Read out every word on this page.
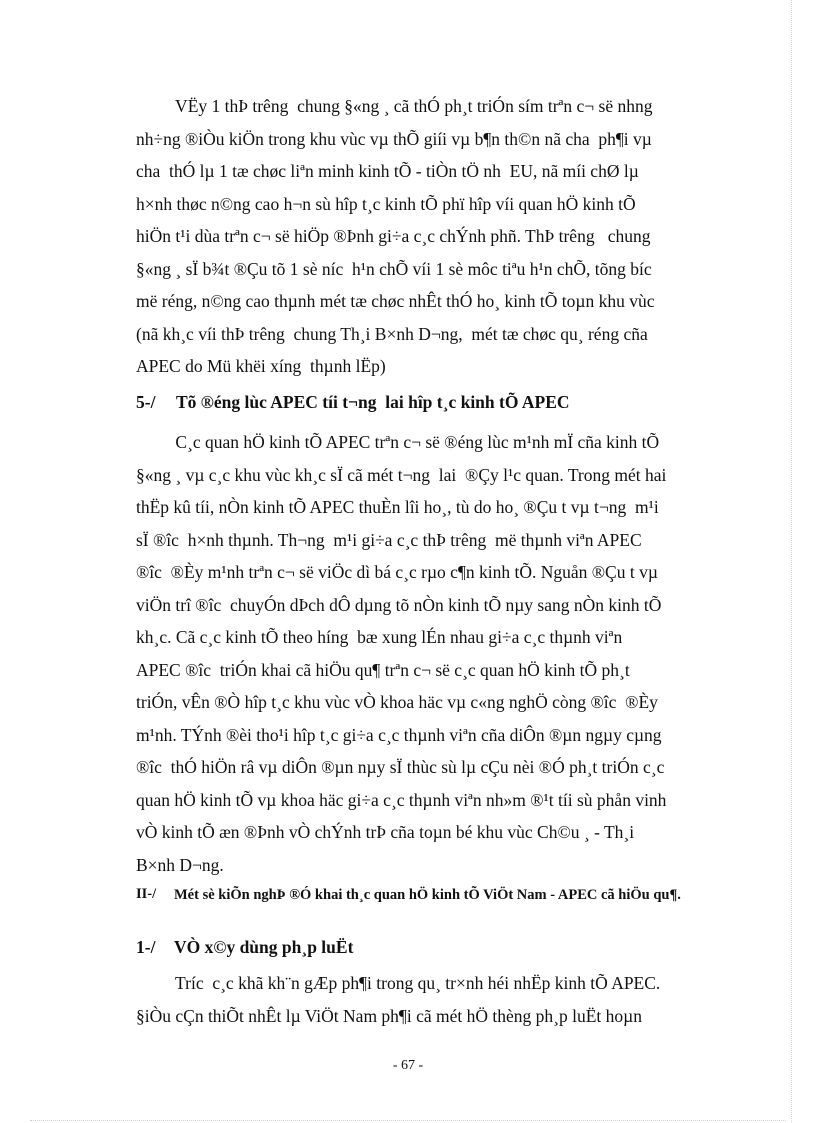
VËy 1 thÞ trêng  chung §«ng ¸ cã thÓ ph¸t triÓn sím trªn c¬ së nhng
nh÷ng ®iÒu kiÖn trong khu vùc vµ thÕ giíi vµ b¶n th©n nã cha  ph¶i vµ
cha  thÓ lµ 1 tæ chøc liªn minh kinh tÕ - tiÒn tÖ nh  EU, nã míi chØ lµ
h×nh thøc n©ng cao h¬n sù hîp t¸c kinh tÕ phï hîp víi quan hÖ kinh tÕ
hiÖn t¹i dùa trªn c¬ së hiÖp ®Þnh gi÷a c¸c chÝnh phñ. ThÞ trêng   chung
§«ng ¸ sÏ b¾t ®Çu tõ 1 sè níc  h¹n chÕ víi 1 sè môc tiªu h¹n chÕ, tõng bíc
më réng, n©ng cao thµnh mét tæ chøc nhÊt thÓ ho¸ kinh tÕ toµn khu vùc
(nã kh¸c víi thÞ trêng  chung Th¸i B×nh D¬ng,  mét tæ chøc qu¸ réng cña
APEC do Mü khëi xíng  thµnh lËp)
5-/ Tõ ®éng lùc APEC tíi t¬ng  lai hîp t¸c kinh tÕ APEC
C¸c quan hÖ kinh tÕ APEC trªn c¬ së ®éng lùc m¹nh mÏ cña kinh tÕ
§«ng ¸ vµ c¸c khu vùc kh¸c sÏ cã mét t¬ng  lai  ®Çy l¹c quan. Trong mét hai
thËp kû tíi, nÒn kinh tÕ APEC thuÈn lîi ho¸, tù do ho¸ ®Çu t vµ t¬ng  m¹i
sÏ ®îc  h×nh thµnh. Th¬ng  m¹i gi÷a c¸c thÞ trêng  më thµnh viªn APEC
®îc  ®Èy m¹nh trªn c¬ së viÖc dì bá c¸c rµo c¶n kinh tÕ. Nguån ®Çu t vµ
viÖn trî ®îc  chuyÓn dÞch dÔ dµng tõ nÒn kinh tÕ nµy sang nÒn kinh tÕ
kh¸c. Cã c¸c kinh tÕ theo híng  bæ xung lÉn nhau gi÷a c¸c thµnh viªn
APEC ®îc  triÓn khai cã hiÖu qu¶ trªn c¬ së c¸c quan hÖ kinh tÕ ph¸t
triÓn, vÊn ®Ò hîp t¸c khu vùc vÒ khoa häc vµ c«ng nghÖ còng ®îc  ®Èy
m¹nh. TÝnh ®èi tho¹i hîp t¸c gi÷a c¸c thµnh viªn cña diÔn ®µn ngµy cµng
®îc  thÓ hiÖn râ vµ diÔn ®µn nµy sÏ thùc sù lµ cÇu nèi ®Ó ph¸t triÓn c¸c
quan hÖ kinh tÕ vµ khoa häc gi÷a c¸c thµnh viªn nh»m ®¹t tíi sù phån vinh
vÒ kinh tÕ æn ®Þnh vÒ chÝnh trÞ cña toµn bé khu vùc Ch©u ¸ - Th¸i
B×nh D¬ng.
II-/ Mét sè kiÕn nghÞ ®Ó khai th¸c quan hÖ kinh tÕ ViÖt Nam - APEC cã hiÖu qu¶.
1-/ VÒ x©y dùng ph¸p luËt
Tríc  c¸c khã kh¨n gÆp ph¶i trong qu¸ tr×nh héi nhËp kinh tÕ APEC.
§iÒu cÇn thiÕt nhÊt lµ ViÖt Nam ph¶i cã mét hÖ thèng ph¸p luËt hoµn
- 67 -
